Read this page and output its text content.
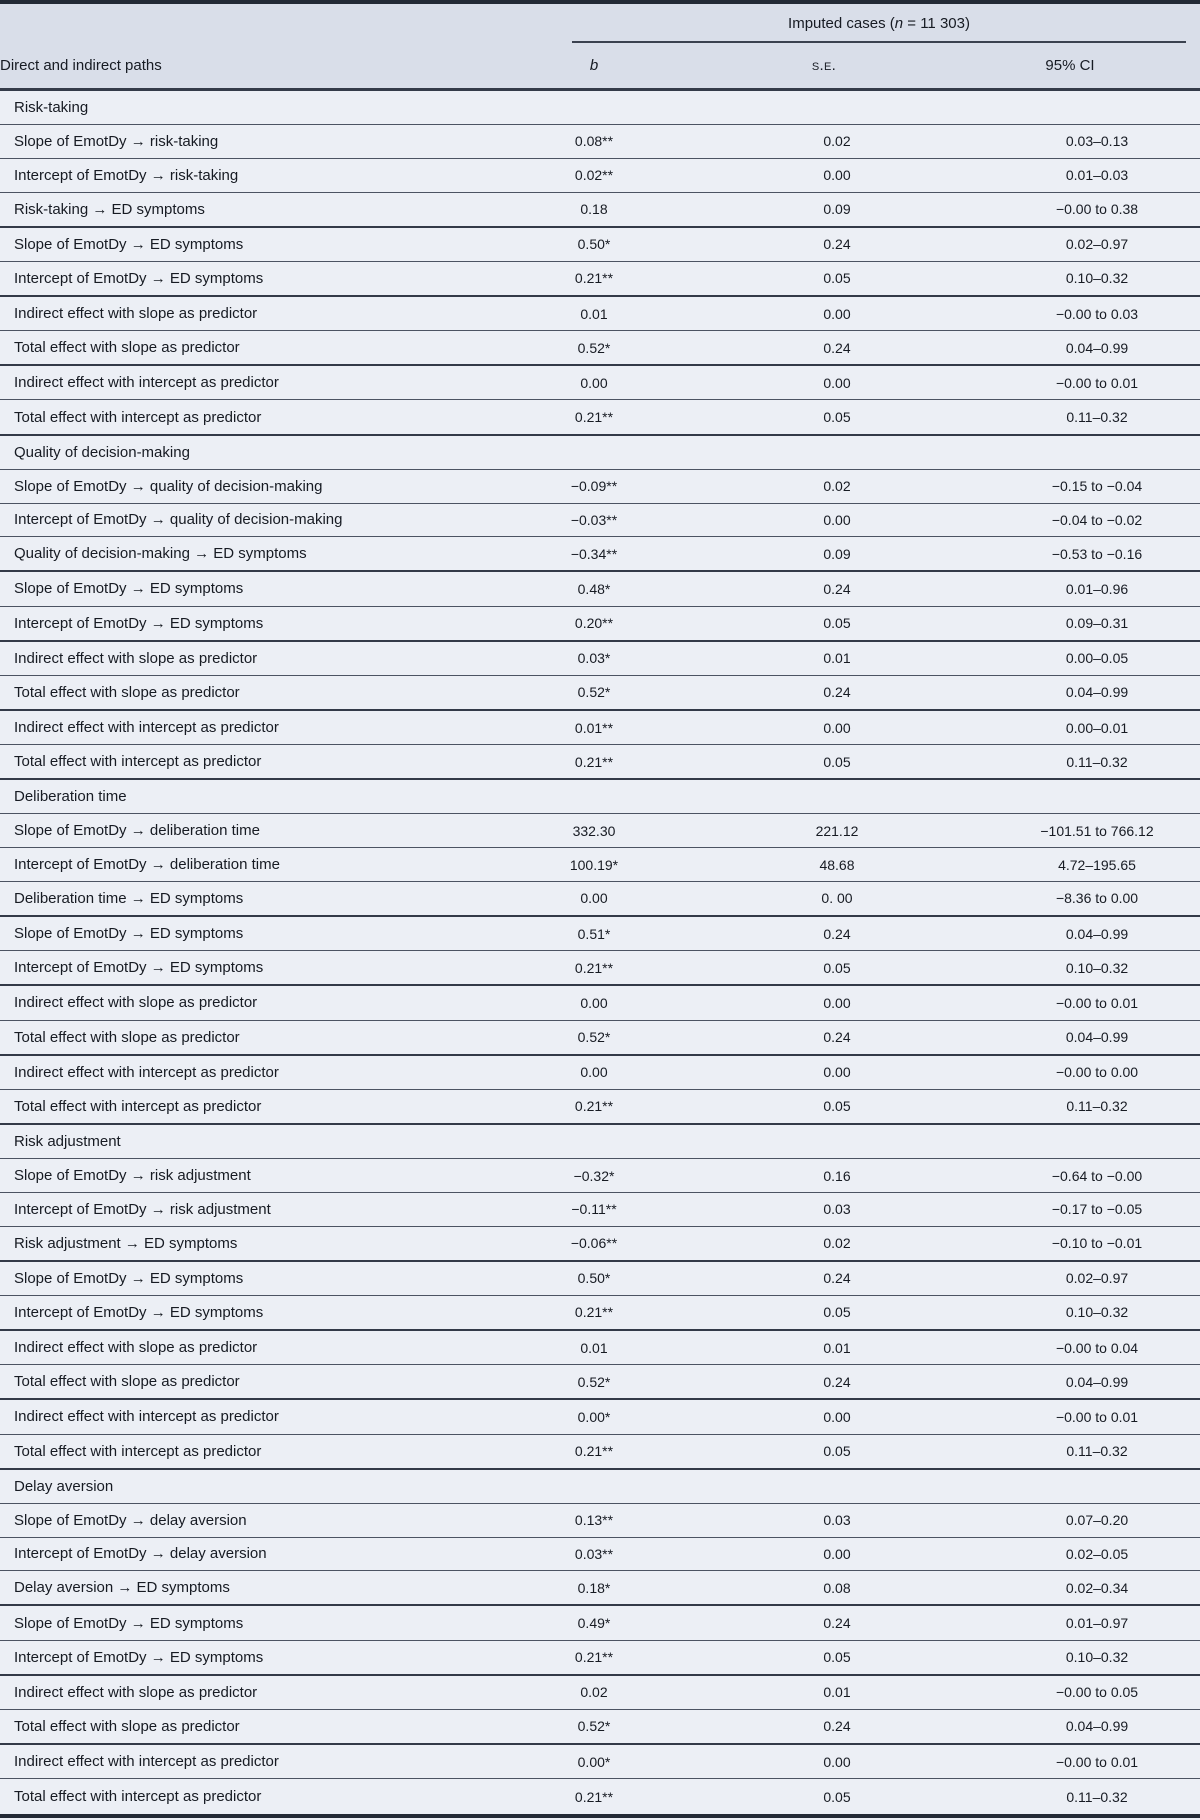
	Imputed cases (n = 11 303)		

Direct and indirect paths	b	s.e.	95% CI
Risk-taking			
Slope of EmotDy → risk-taking	0.08**	0.02	0.03–0.13
Intercept of EmotDy → risk-taking	0.02**	0.00	0.01–0.03
Risk-taking → ED symptoms	0.18	0.09	−0.00 to 0.38
Slope of EmotDy → ED symptoms	0.50*	0.24	0.02–0.97
Intercept of EmotDy → ED symptoms	0.21**	0.05	0.10–0.32
Indirect effect with slope as predictor	0.01	0.00	−0.00 to 0.03
Total effect with slope as predictor	0.52*	0.24	0.04–0.99
Indirect effect with intercept as predictor	0.00	0.00	−0.00 to 0.01
Total effect with intercept as predictor	0.21**	0.05	0.11–0.32
Quality of decision-making			
Slope of EmotDy → quality of decision-making	−0.09**	0.02	−0.15 to −0.04
Intercept of EmotDy → quality of decision-making	−0.03**	0.00	−0.04 to −0.02
Quality of decision-making → ED symptoms	−0.34**	0.09	−0.53 to −0.16
Slope of EmotDy → ED symptoms	0.48*	0.24	0.01–0.96
Intercept of EmotDy → ED symptoms	0.20**	0.05	0.09–0.31
Indirect effect with slope as predictor	0.03*	0.01	0.00–0.05
Total effect with slope as predictor	0.52*	0.24	0.04–0.99
Indirect effect with intercept as predictor	0.01**	0.00	0.00–0.01
Total effect with intercept as predictor	0.21**	0.05	0.11–0.32
Deliberation time			
Slope of EmotDy → deliberation time	332.30	221.12	−101.51 to 766.12
Intercept of EmotDy → deliberation time	100.19*	48.68	4.72–195.65
Deliberation time → ED symptoms	0.00	0. 00	−8.36 to 0.00
Slope of EmotDy → ED symptoms	0.51*	0.24	0.04–0.99
Intercept of EmotDy → ED symptoms	0.21**	0.05	0.10–0.32
Indirect effect with slope as predictor	0.00	0.00	−0.00 to 0.01
Total effect with slope as predictor	0.52*	0.24	0.04–0.99
Indirect effect with intercept as predictor	0.00	0.00	−0.00 to 0.00
Total effect with intercept as predictor	0.21**	0.05	0.11–0.32
Risk adjustment			
Slope of EmotDy → risk adjustment	−0.32*	0.16	−0.64 to −0.00
Intercept of EmotDy → risk adjustment	−0.11**	0.03	−0.17 to −0.05
Risk adjustment → ED symptoms	−0.06**	0.02	−0.10 to −0.01
Slope of EmotDy → ED symptoms	0.50*	0.24	0.02–0.97
Intercept of EmotDy → ED symptoms	0.21**	0.05	0.10–0.32
Indirect effect with slope as predictor	0.01	0.01	−0.00 to 0.04
Total effect with slope as predictor	0.52*	0.24	0.04–0.99
Indirect effect with intercept as predictor	0.00*	0.00	−0.00 to 0.01
Total effect with intercept as predictor	0.21**	0.05	0.11–0.32
Delay aversion			
Slope of EmotDy → delay aversion	0.13**	0.03	0.07–0.20
Intercept of EmotDy → delay aversion	0.03**	0.00	0.02–0.05
Delay aversion → ED symptoms	0.18*	0.08	0.02–0.34
Slope of EmotDy → ED symptoms	0.49*	0.24	0.01–0.97
Intercept of EmotDy → ED symptoms	0.21**	0.05	0.10–0.32
Indirect effect with slope as predictor	0.02	0.01	−0.00 to 0.05
Total effect with slope as predictor	0.52*	0.24	0.04–0.99
Indirect effect with intercept as predictor	0.00*	0.00	−0.00 to 0.01
Total effect with intercept as predictor	0.21**	0.05	0.11–0.32
